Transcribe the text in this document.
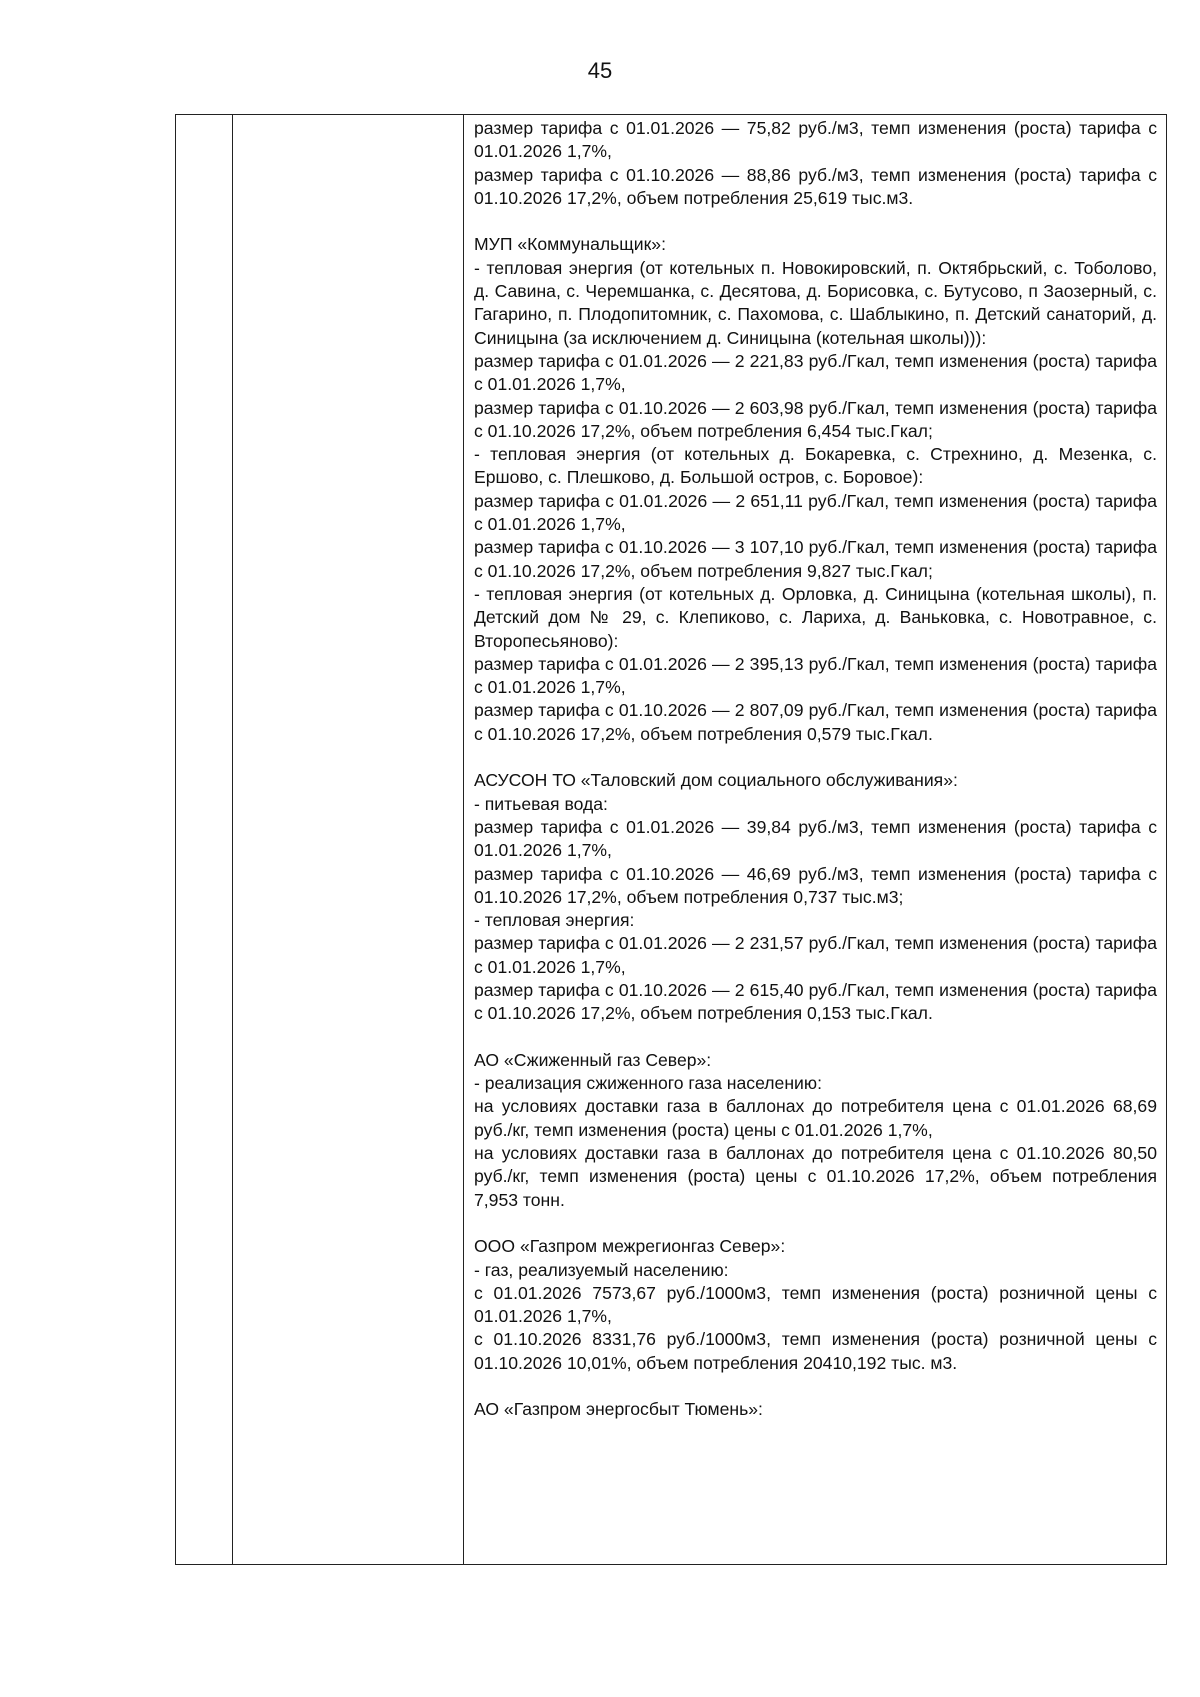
45

размер тарифа с 01.01.2026 — 75,82 руб./м3, темп изменения (роста) тарифа с 01.01.2026 1,7%,

размер тарифа с 01.10.2026 — 88,86 руб./м3, темп изменения (роста) тарифа с 01.10.2026 17,2%, объем потребления 25,619 тыс.м3.

МУП «Коммунальщик»:

- тепловая энергия (от котельных п. Новокировский, п. Октябрьский, с. Тоболово, д. Савина, с. Черемшанка, с. Десятова, д. Борисовка, с. Бутусово, п Заозерный, с. Гагарино, п. Плодопитомник, с. Пахомова, с. Шаблыкино, п. Детский санаторий, д. Синицына (за исключением д. Синицына (котельная школы))):

размер тарифа с 01.01.2026 — 2 221,83 руб./Гкал, темп изменения (роста) тарифа с 01.01.2026 1,7%,

размер тарифа с 01.10.2026 — 2 603,98 руб./Гкал, темп изменения (роста) тарифа с 01.10.2026 17,2%, объем потребления 6,454 тыс.Гкал;

- тепловая энергия (от котельных д. Бокаревка, с. Стрехнино, д. Мезенка, с. Ершово, с. Плешково, д. Большой остров, с. Боровое):

размер тарифа с 01.01.2026 — 2 651,11 руб./Гкал, темп изменения (роста) тарифа с 01.01.2026 1,7%,

размер тарифа с 01.10.2026 — 3 107,10 руб./Гкал, темп изменения (роста) тарифа с 01.10.2026 17,2%, объем потребления 9,827 тыс.Гкал;

- тепловая энергия (от котельных д. Орловка, д. Синицына (котельная школы), п. Детский дом № 29, с. Клепиково, с. Лариха, д. Ваньковка, с. Новотравное, с. Второпесьяново):

размер тарифа с 01.01.2026 — 2 395,13 руб./Гкал, темп изменения (роста) тарифа с 01.01.2026 1,7%,

размер тарифа с 01.10.2026 — 2 807,09 руб./Гкал, темп изменения (роста) тарифа с 01.10.2026 17,2%, объем потребления 0,579 тыс.Гкал.

АСУСОН ТО «Таловский дом социального обслуживания»:

- питьевая вода:

размер тарифа с 01.01.2026 — 39,84 руб./м3, темп изменения (роста) тарифа с 01.01.2026 1,7%,

размер тарифа с 01.10.2026 — 46,69 руб./м3, темп изменения (роста) тарифа с 01.10.2026 17,2%, объем потребления 0,737 тыс.м3;

- тепловая энергия:

размер тарифа с 01.01.2026 — 2 231,57 руб./Гкал, темп изменения (роста) тарифа с 01.01.2026 1,7%,

размер тарифа с 01.10.2026 — 2 615,40 руб./Гкал, темп изменения (роста) тарифа с 01.10.2026 17,2%, объем потребления 0,153 тыс.Гкал.

АО «Сжиженный газ Север»:

- реализация сжиженного газа населению:

на условиях доставки газа в баллонах до потребителя цена с 01.01.2026 68,69 руб./кг, темп изменения (роста) цены с 01.01.2026 1,7%,

на условиях доставки газа в баллонах до потребителя цена с 01.10.2026 80,50 руб./кг, темп изменения (роста) цены с 01.10.2026 17,2%, объем потребления 7,953 тонн.

ООО «Газпром межрегионгаз Север»:

- газ, реализуемый населению:

с 01.01.2026 7573,67 руб./1000м3, темп изменения (роста) розничной цены с 01.01.2026 1,7%,

с 01.10.2026 8331,76 руб./1000м3, темп изменения (роста) розничной цены с 01.10.2026 10,01%, объем потребления 20410,192 тыс. м3.

АО «Газпром энергосбыт Тюмень»:
